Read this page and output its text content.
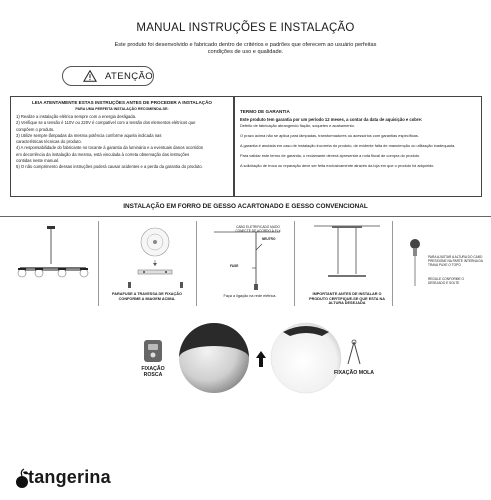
MANUAL INSTRUÇÕES E INSTALAÇÃO
Este produto foi desenvolvido e fabricado dentro de critérios e padrões que oferecem ao usuário perfeitas condições de uso e qualidade.
ATENÇÃO
LEIA ATENTAMENTE ESTAS INSTRUÇÕES ANTES DE PROCEDER A INSTALAÇÃO
PARA UMA PERFEITA INSTALAÇÃO RECOMENDA-SE:
1) Realize a instalação elétrica sempre com a energia desligada.
2) Verifique se a tensão é 110V ou 220V é compatível com a tensão dos elementos elétricos que
compõem o produto.
3) Utilize sempre lâmpadas da mesma potência conforme aquela indicada nas
características técnicas do produto.
4) A responsabilidade do fabricante no tocante à garantia da luminária e a eventuais danos ocorridos
em decorrência da instalação da mesma, está vinculada à correta observação das instruções
contidas neste manual.
5) O não cumprimento dessas instruções poderá causar acidentes e a perda da garantia do produto.
TERMO DE GARANTIA
Este produto tem garantia por um período 12 meses, a contar da data de aquisição e cobre:
Defeito de fabricação abrangendo fiação, soquetes e acabamento.
O prazo acima não se aplica para lâmpadas, transformadores ou acessórios com garantias específicas.
A garantia é anulada em caso de instalação incorreta do produto, de evidente falta de manutenção ou utilização inadequada.
Para validar este termo de garantia, o reclamante deverá apresentar a nota fiscal de compra do produto.
A solicitação de troca ou reparação deve ser feita exclusivamente através da loja em que o produto foi adquirido.
INSTALAÇÃO EM FORRO DE GESSO ACARTONADO E GESSO CONVENCIONAL
PARAFUSE A TRAVESSA DE FIXAÇÃO CONFORME A IMAGEM ACIMA.
CABO ELETRIFICADO MUDO CONECTE DE ACORDO À FLX
NEUTRO
FASE
Faça a ligação na rede elétrica.	IMPORTANTE ANTES DE INSTALAR O PRODUTO CERTIFIQUE-SE QUE ESTA NA ALTURA DESEJADA
PARA AJUSTAR A ALTURA DO CABO PRESSIONE NA PARTE INTERNA DA TRAVA PUXE O TOPO
REGULE CONFORME O DESEJADO E SOLTE
FIXAÇÃO ROSCA	FIXAÇÃO MOLA
tangerina
